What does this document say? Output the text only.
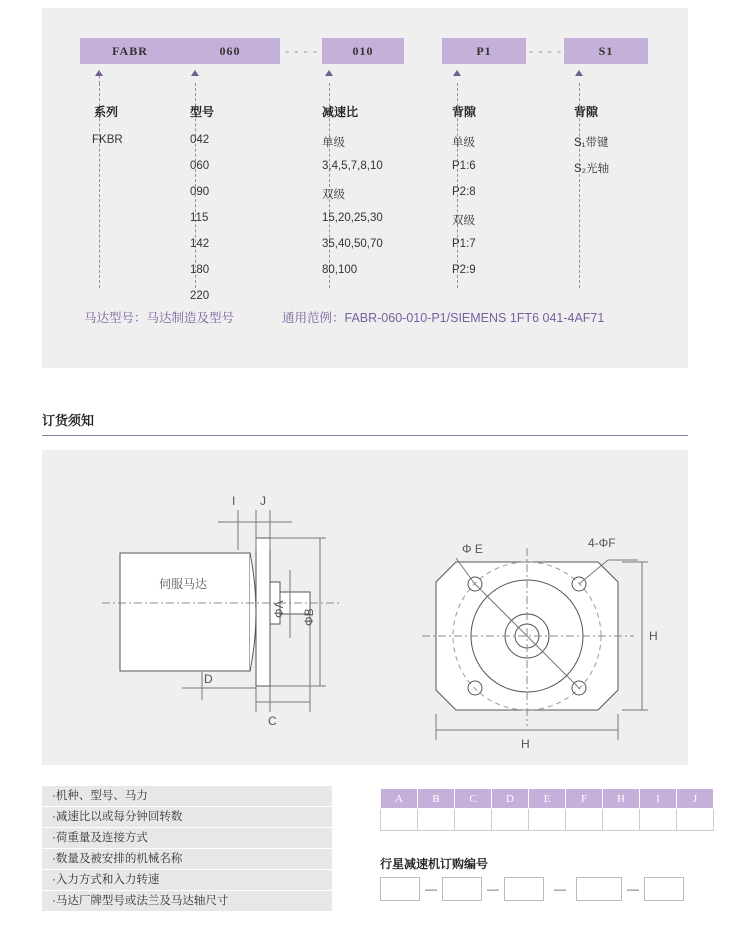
FABR	060	010	P1	S1
- - - -	- - - -
系列
FKBR
型号
042
060
090
115
142
180
220
减速比
单级
3,4,5,7,8,10
双级
15,20,25,30
35,40,50,70
80,100
背隙
单级
P1:6
P2:8
双级
P1:7
P2:9
背隙
S₁带键
S₂光轴
马达型号：马达制造及型号	通用范例：FABR-060-010-P1/SIEMENS 1FT6 041-4AF71
订货须知
伺服马达
I J
ΦA ΦB
D
C
Φ E	4-ΦF
H
H
·机种、型号、马力
·减速比以或每分钟回转数
·荷重量及连接方式
·数量及被安排的机械名称
·入力方式和入力转速
·马达厂牌型号或法兰及马达轴尺寸
A	B	C	D	E	F	H	I	J

行星减速机订购编号
—	—	—	—
